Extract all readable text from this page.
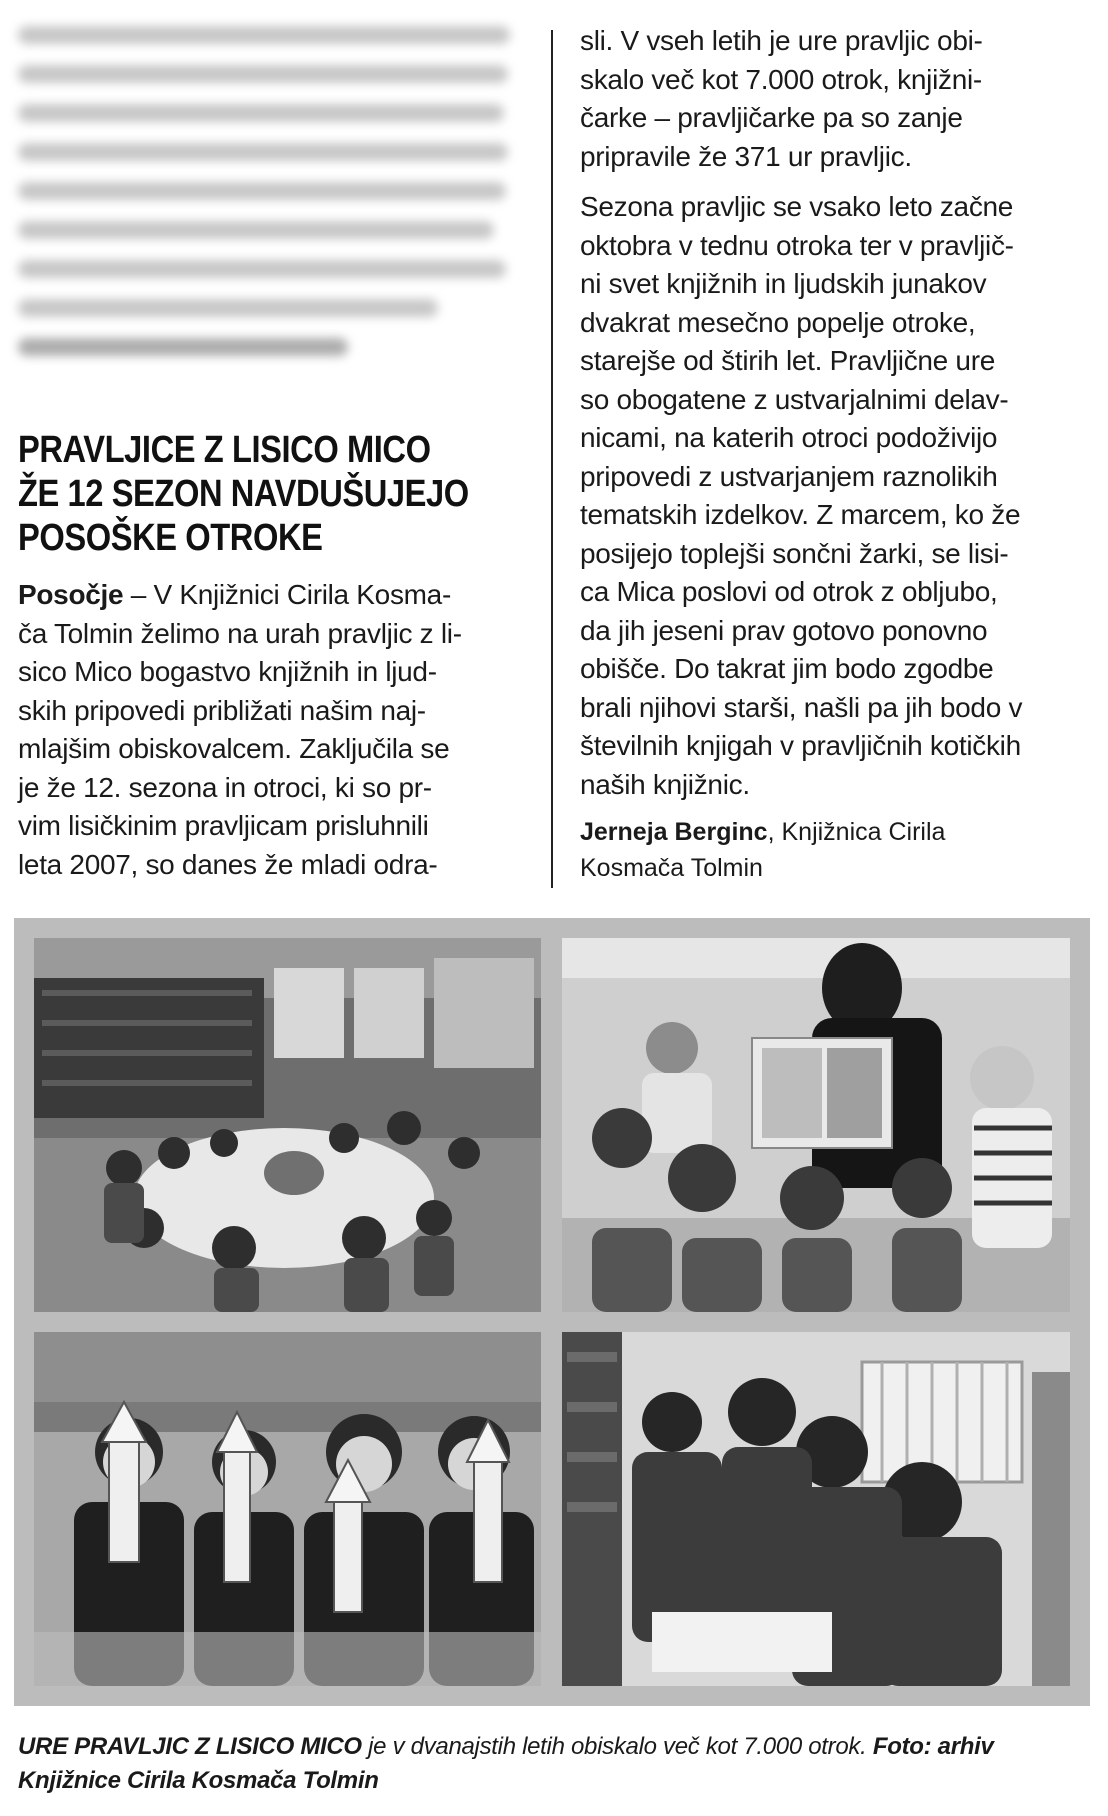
PRAVLJICE Z LISICO MICO
ŽE 12 SEZON NAVDUŠUJEJO
POSOŠKE OTROKE
Posočje – V Knjižnici Cirila Kosma-
ča Tolmin želimo na urah pravljic z li-
sico Mico bogastvo knjižnih in ljud-
skih pripovedi približati našim naj-
mlajšim obiskovalcem. Zaključila se
je že 12. sezona in otroci, ki so pr-
vim lisičkinim pravljicam prisluhnili
leta 2007, so danes že mladi odra-
sli. V vseh letih je ure pravljic obi-
skalo več kot 7.000 otrok, knjižni-
čarke – pravljičarke pa so zanje
pripravile že 371 ur pravljic.
Sezona pravljic se vsako leto začne
oktobra v tednu otroka ter v pravljič-
ni svet knjižnih in ljudskih junakov
dvakrat mesečno popelje otroke,
starejše od štirih let. Pravljične ure
so obogatene z ustvarjalnimi delav-
nicami, na katerih otroci podoživijo
pripovedi z ustvarjanjem raznolikih
tematskih izdelkov. Z marcem, ko že
posijejo toplejši sončni žarki, se lisi-
ca Mica poslovi od otrok z obljubo,
da jih jeseni prav gotovo ponovno
obišče. Do takrat jim bodo zgodbe
brali njihovi starši, našli pa jih bodo v
številnih knjigah v pravljičnih kotičkih
naših knjižnic.
Jerneja Berginc, Knjižnica Cirila
Kosmača Tolmin
URE PRAVLJIC Z LISICO MICO je v dvanajstih letih obiskalo več kot 7.000 otrok. Foto: arhiv
Knjižnice Cirila Kosmača Tolmin
